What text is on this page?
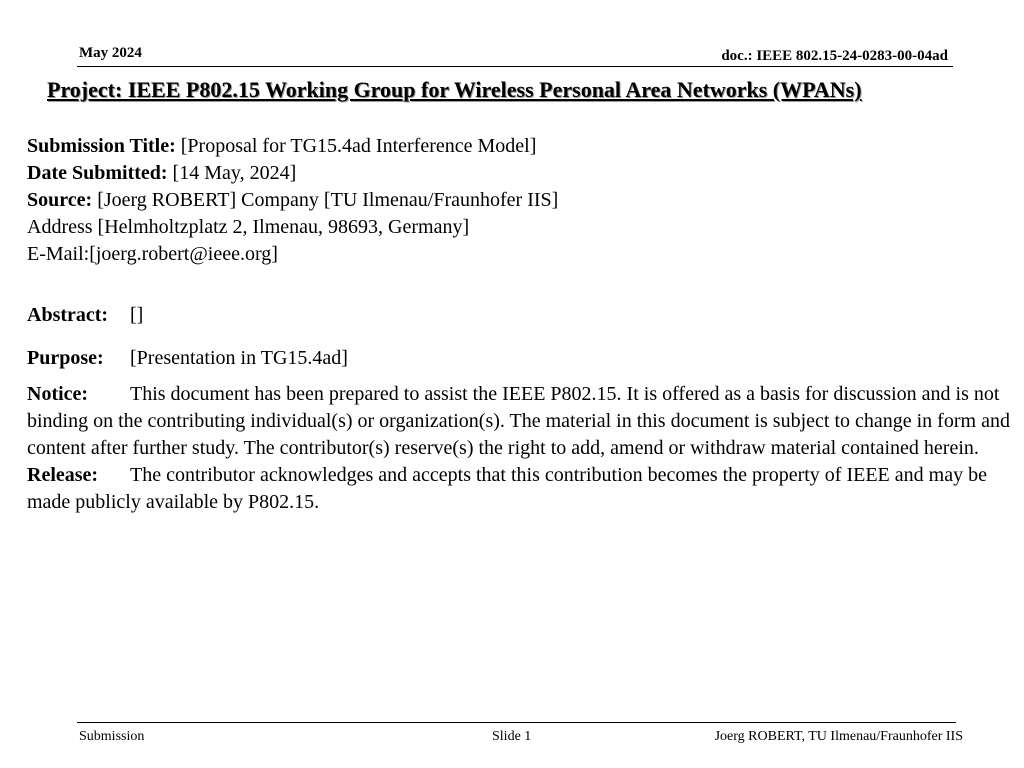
May 2024	doc.: IEEE 802.15-24-0283-00-04ad
Project: IEEE P802.15 Working Group for Wireless Personal Area Networks (WPANs)
Submission Title: [Proposal for TG15.4ad Interference Model]
Date Submitted: [14 May, 2024]
Source: [Joerg ROBERT] Company [TU Ilmenau/Fraunhofer IIS]
Address [Helmholtzplatz 2, Ilmenau, 98693, Germany]
E-Mail:[joerg.robert@ieee.org]
Abstract: []
Purpose: [Presentation in TG15.4ad]

Notice: This document has been prepared to assist the IEEE P802.15. It is offered as a basis for discussion and is not binding on the contributing individual(s) or organization(s). The material in this document is subject to change in form and content after further study. The contributor(s) reserve(s) the right to add, amend or withdraw material contained herein.

Release: The contributor acknowledges and accepts that this contribution becomes the property of IEEE and may be made publicly available by P802.15.

Submission	Slide 1	Joerg ROBERT, TU Ilmenau/Fraunhofer IIS
